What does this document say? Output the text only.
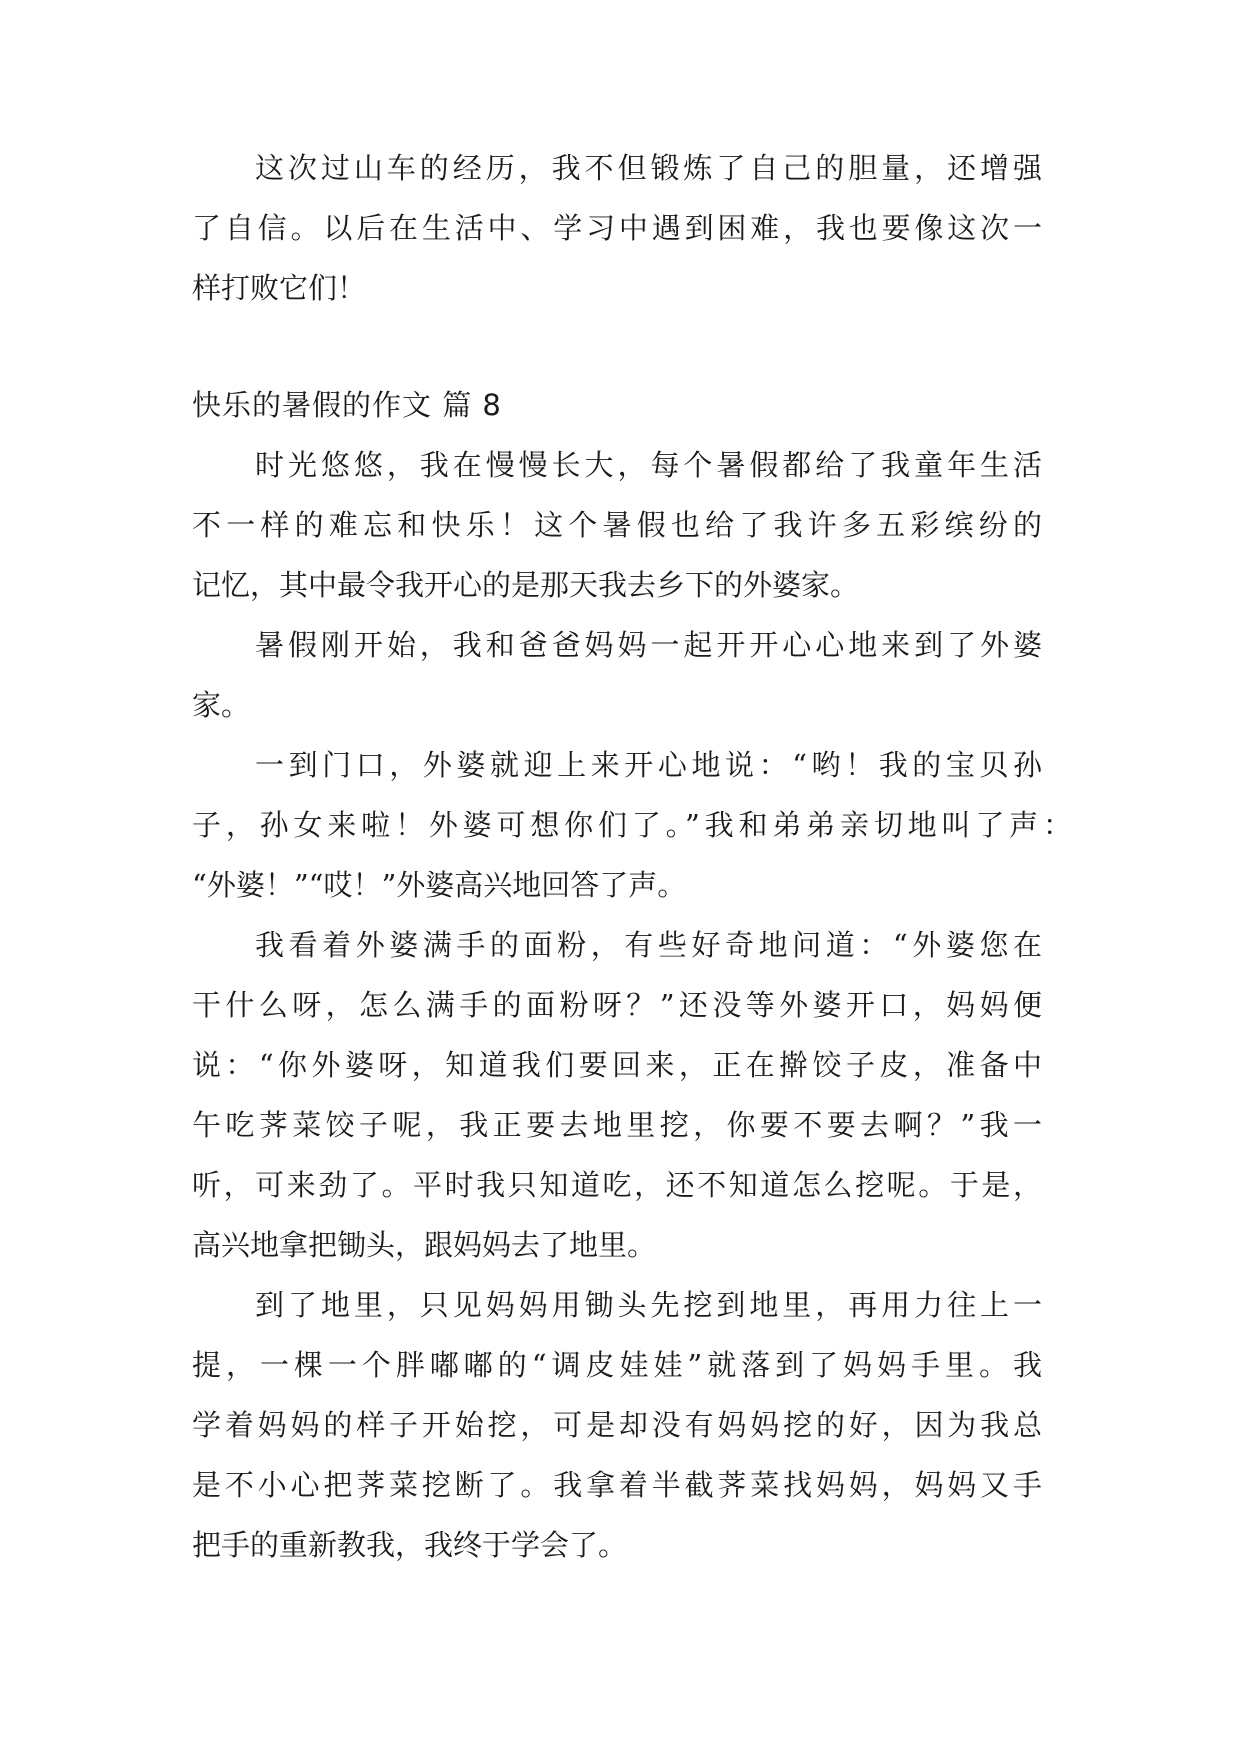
这次过山车的经历，我不但锻炼了自己的胆量，还增强
了自信。以后在生活中、学习中遇到困难，我也要像这次一
样打败它们！
快乐的暑假的作文 篇 8
时光悠悠，我在慢慢长大，每个暑假都给了我童年生活
不一样的难忘和快乐！这个暑假也给了我许多五彩缤纷的
记忆，其中最令我开心的是那天我去乡下的外婆家。
暑假刚开始，我和爸爸妈妈一起开开心心地来到了外婆
家。
一到门口，外婆就迎上来开心地说：“哟！我的宝贝孙
子，孙女来啦！外婆可想你们了。”我和弟弟亲切地叫了声：
“外婆！”“哎！”外婆高兴地回答了声。
我看着外婆满手的面粉，有些好奇地问道：“外婆您在
干什么呀，怎么满手的面粉呀？”还没等外婆开口，妈妈便
说：“你外婆呀，知道我们要回来，正在擀饺子皮，准备中
午吃荠菜饺子呢，我正要去地里挖，你要不要去啊？”我一
听，可来劲了。平时我只知道吃，还不知道怎么挖呢。于是，
高兴地拿把锄头，跟妈妈去了地里。
到了地里，只见妈妈用锄头先挖到地里，再用力往上一
提，一棵一个胖嘟嘟的“调皮娃娃”就落到了妈妈手里。我
学着妈妈的样子开始挖，可是却没有妈妈挖的好，因为我总
是不小心把荠菜挖断了。我拿着半截荠菜找妈妈，妈妈又手
把手的重新教我，我终于学会了。
